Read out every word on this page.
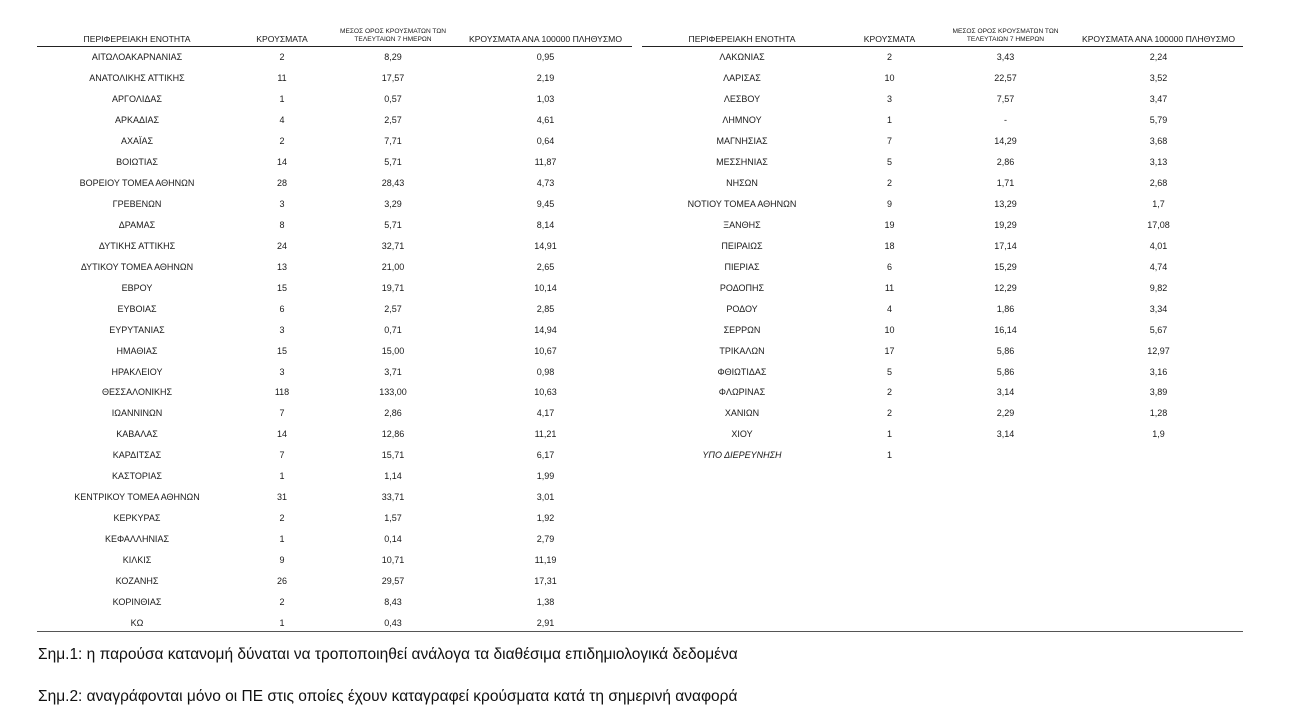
ΠΕΡΙΦΕΡΕΙΑΚΗ ΕΝΟΤΗΤΑ	ΚΡΟΥΣΜΑΤΑ	ΜΕΣΟΣ ΟΡΟΣ ΚΡΟΥΣΜΑΤΩΝ ΤΩΝ
ΤΕΛΕΥΤΑΙΩΝ 7 ΗΜΕΡΩΝ	ΚΡΟΥΣΜΑΤΑ ΑΝΑ 100000 ΠΛΗΘΥΣΜΟ
ΑΙΤΩΛΟΑΚΑΡΝΑΝΙΑΣ	2	8,29	0,95
ΑΝΑΤΟΛΙΚΗΣ ΑΤΤΙΚΗΣ	11	17,57	2,19
ΑΡΓΟΛΙΔΑΣ	1	0,57	1,03
ΑΡΚΑΔΙΑΣ	4	2,57	4,61
ΑΧΑΪΑΣ	2	7,71	0,64
ΒΟΙΩΤΙΑΣ	14	5,71	11,87
ΒΟΡΕΙΟΥ ΤΟΜΕΑ ΑΘΗΝΩΝ	28	28,43	4,73
ΓΡΕΒΕΝΩΝ	3	3,29	9,45
ΔΡΑΜΑΣ	8	5,71	8,14
ΔΥΤΙΚΗΣ ΑΤΤΙΚΗΣ	24	32,71	14,91
ΔΥΤΙΚΟΥ ΤΟΜΕΑ ΑΘΗΝΩΝ	13	21,00	2,65
ΕΒΡΟΥ	15	19,71	10,14
ΕΥΒΟΙΑΣ	6	2,57	2,85
ΕΥΡΥΤΑΝΙΑΣ	3	0,71	14,94
ΗΜΑΘΙΑΣ	15	15,00	10,67
ΗΡΑΚΛΕΙΟΥ	3	3,71	0,98
ΘΕΣΣΑΛΟΝΙΚΗΣ	118	133,00	10,63
ΙΩΑΝΝΙΝΩΝ	7	2,86	4,17
ΚΑΒΑΛΑΣ	14	12,86	11,21
ΚΑΡΔΙΤΣΑΣ	7	15,71	6,17
ΚΑΣΤΟΡΙΑΣ	1	1,14	1,99
ΚΕΝΤΡΙΚΟΥ ΤΟΜΕΑ ΑΘΗΝΩΝ	31	33,71	3,01
ΚΕΡΚΥΡΑΣ	2	1,57	1,92
ΚΕΦΑΛΛΗΝΙΑΣ	1	0,14	2,79
ΚΙΛΚΙΣ	9	10,71	11,19
ΚΟΖΑΝΗΣ	26	29,57	17,31
ΚΟΡΙΝΘΙΑΣ	2	8,43	1,38
ΚΩ	1	0,43	2,91
ΠΕΡΙΦΕΡΕΙΑΚΗ ΕΝΟΤΗΤΑ	ΚΡΟΥΣΜΑΤΑ	ΜΕΣΟΣ ΟΡΟΣ ΚΡΟΥΣΜΑΤΩΝ ΤΩΝ
ΤΕΛΕΥΤΑΙΩΝ 7 ΗΜΕΡΩΝ	ΚΡΟΥΣΜΑΤΑ ΑΝΑ 100000 ΠΛΗΘΥΣΜΟ
ΛΑΚΩΝΙΑΣ	2	3,43	2,24
ΛΑΡΙΣΑΣ	10	22,57	3,52
ΛΕΣΒΟΥ	3	7,57	3,47
ΛΗΜΝΟΥ	1	-	5,79
ΜΑΓΝΗΣΙΑΣ	7	14,29	3,68
ΜΕΣΣΗΝΙΑΣ	5	2,86	3,13
ΝΗΣΩΝ	2	1,71	2,68
ΝΟΤΙΟΥ ΤΟΜΕΑ ΑΘΗΝΩΝ	9	13,29	1,7
ΞΑΝΘΗΣ	19	19,29	17,08
ΠΕΙΡΑΙΩΣ	18	17,14	4,01
ΠΙΕΡΙΑΣ	6	15,29	4,74
ΡΟΔΟΠΗΣ	11	12,29	9,82
ΡΟΔΟΥ	4	1,86	3,34
ΣΕΡΡΩΝ	10	16,14	5,67
ΤΡΙΚΑΛΩΝ	17	5,86	12,97
ΦΘΙΩΤΙΔΑΣ	5	5,86	3,16
ΦΛΩΡΙΝΑΣ	2	3,14	3,89
ΧΑΝΙΩΝ	2	2,29	1,28
ΧΙΟΥ	1	3,14	1,9
ΥΠΟ ΔΙΕΡΕΥΝΗΣΗ	1		
Σημ.1: η παρούσα κατανομή δύναται να τροποποιηθεί ανάλογα τα διαθέσιμα επιδημιολογικά δεδομένα
Σημ.2: αναγράφονται μόνο οι ΠΕ στις οποίες έχουν καταγραφεί κρούσματα κατά τη σημερινή αναφορά
